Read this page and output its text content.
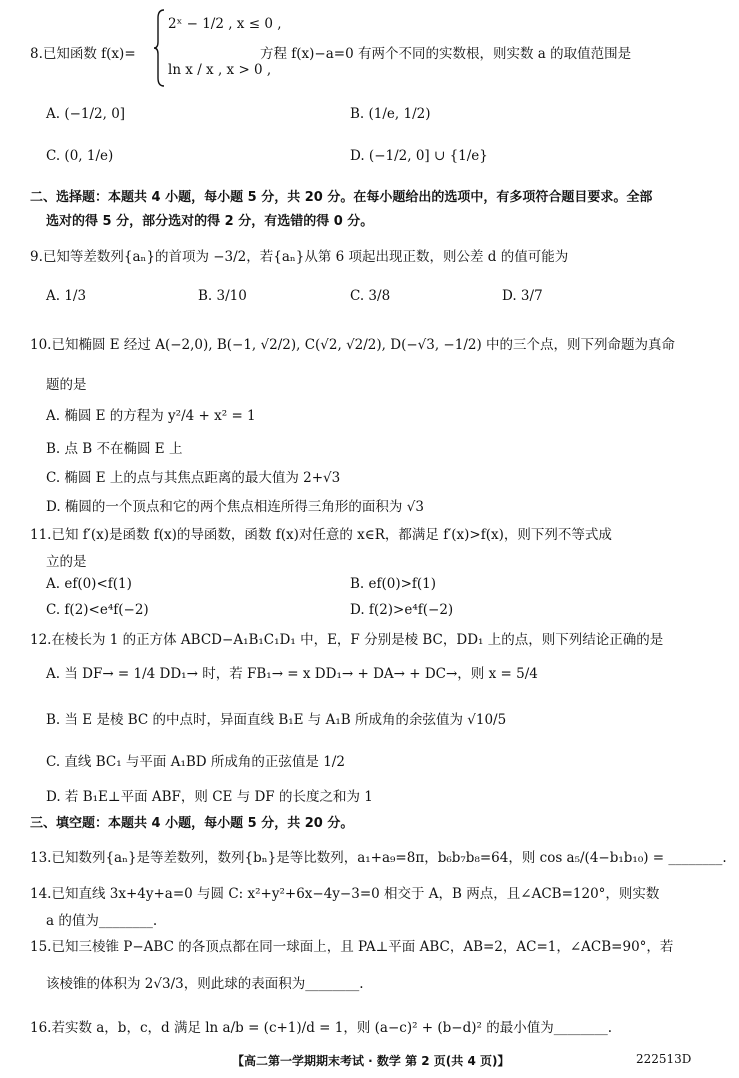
8.已知函数 f(x)=
2ˣ − 1/2 , x ≤ 0 ,
ln x / x , x > 0 ,
方程 f(x)−a=0 有两个不同的实数根，则实数 a 的取值范围是
A. (−1/2, 0]	B. (1/e, 1/2)
C. (0, 1/e)	D. (−1/2, 0] ∪ {1/e}
二、选择题：本题共 4 小题，每小题 5 分，共 20 分。在每小题给出的选项中，有多项符合题目要求。全部
选对的得 5 分，部分选对的得 2 分，有选错的得 0 分。
9.已知等差数列{aₙ}的首项为 −3/2，若{aₙ}从第 6 项起出现正数，则公差 d 的值可能为
A. 1/3	B. 3/10	C. 3/8	D. 3/7
10.已知椭圆 E 经过 A(−2,0), B(−1, √2/2), C(√2, √2/2), D(−√3, −1/2) 中的三个点，则下列命题为真命
题的是
A. 椭圆 E 的方程为 y²/4 + x² = 1
B. 点 B 不在椭圆 E 上
C. 椭圆 E 上的点与其焦点距离的最大值为 2+√3
D. 椭圆的一个顶点和它的两个焦点相连所得三角形的面积为 √3
11.已知 f′(x)是函数 f(x)的导函数，函数 f(x)对任意的 x∈R，都满足 f′(x)>f(x)，则下列不等式成
立的是
A. ef(0)<f(1)	B. ef(0)>f(1)
C. f(2)<e⁴f(−2)	D. f(2)>e⁴f(−2)
12.在棱长为 1 的正方体 ABCD−A₁B₁C₁D₁ 中，E，F 分别是棱 BC，DD₁ 上的点，则下列结论正确的是
A. 当 DF→ = 1/4 DD₁→ 时，若 FB₁→ = x DD₁→ + DA→ + DC→，则 x = 5/4
B. 当 E 是棱 BC 的中点时，异面直线 B₁E 与 A₁B 所成角的余弦值为 √10/5
C. 直线 BC₁ 与平面 A₁BD 所成角的正弦值是 1/2
D. 若 B₁E⊥平面 ABF，则 CE 与 DF 的长度之和为 1
三、填空题：本题共 4 小题，每小题 5 分，共 20 分。
13.已知数列{aₙ}是等差数列，数列{bₙ}是等比数列，a₁+a₉=8π，b₆b₇b₈=64，则 cos a₅/(4−b₁b₁₀) = ________.
14.已知直线 3x+4y+a=0 与圆 C: x²+y²+6x−4y−3=0 相交于 A，B 两点，且∠ACB=120°，则实数
a 的值为________.
15.已知三棱锥 P−ABC 的各顶点都在同一球面上，且 PA⊥平面 ABC，AB=2，AC=1，∠ACB=90°，若
该棱锥的体积为 2√3/3，则此球的表面积为________.
16.若实数 a，b，c，d 满足 ln a/b = (c+1)/d = 1，则 (a−c)² + (b−d)² 的最小值为________.
【高二第一学期期末考试 · 数学 第 2 页(共 4 页)】	222513D
